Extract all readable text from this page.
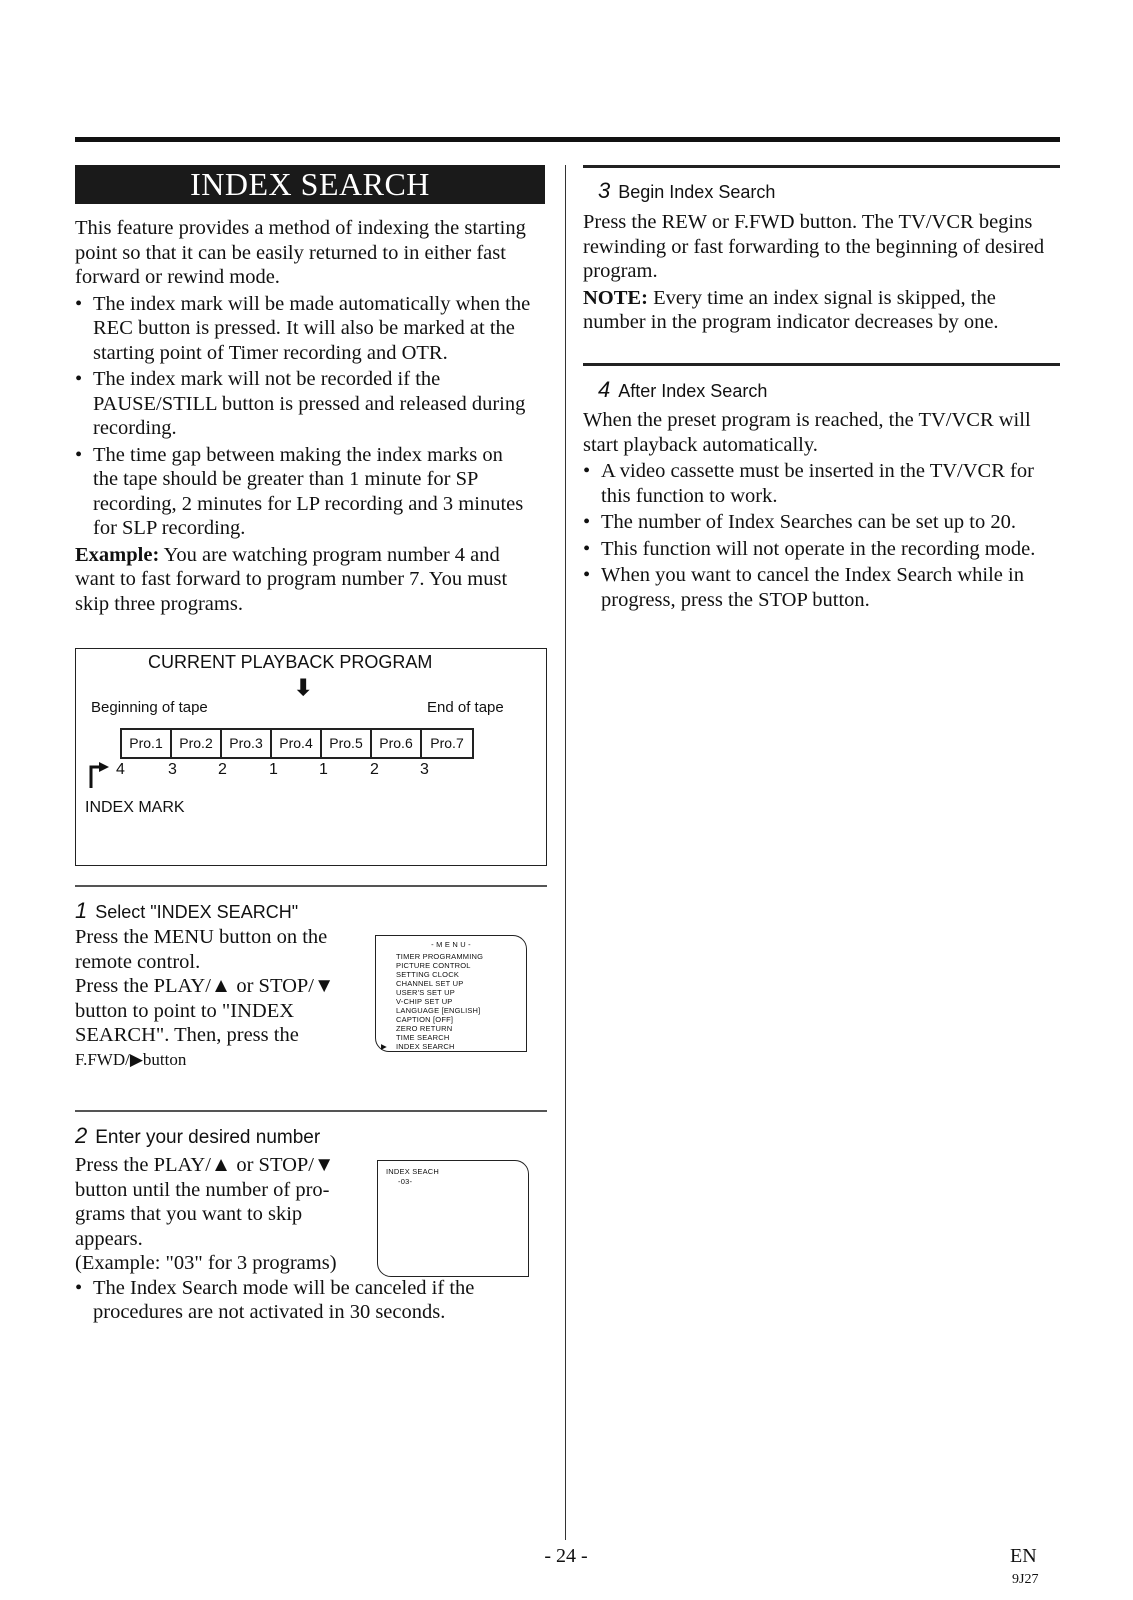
INDEX SEARCH

This feature provides a method of indexing the starting point so that it can be easily returned to in either fast forward or rewind mode.

• The index mark will be made automatically when the REC button is pressed. It will also be marked at the starting point of Timer recording and OTR.

• The index mark will not be recorded if the PAUSE/STILL button is pressed and released during recording.

• The time gap between making the index marks on the tape should be greater than 1 minute for SP recording, 2 minutes for LP recording and 3 minutes for SLP recording.

Example: You are watching program number 4 and want to fast forward to program number 7. You must skip three programs.

CURRENT PLAYBACK PROGRAM
⬇
Beginning of tape	End of tape
Pro.1	Pro.2	Pro.3	Pro.4	Pro.5	Pro.6	Pro.7
4	3	2	1	1	2	3
INDEX MARK
1 Select "INDEX SEARCH"

Press the MENU button on the

remote control.

Press the PLAY/▲ or STOP/▼

button to point to "INDEX

SEARCH". Then, press the

F.FWD/▶button

- M E N U -
TIMER PROGRAMMING
PICTURE CONTROL
SETTING CLOCK
CHANNEL SET UP
USER'S SET UP
V-CHIP SET UP
LANGUAGE [ENGLISH]
CAPTION [OFF]
ZERO RETURN
TIME SEARCH
INDEX SEARCH
▶
2 Enter your desired number

Press the PLAY/▲ or STOP/▼

button until the number of pro-

grams that you want to skip

appears.

(Example: "03" for 3 programs)

• The Index Search mode will be canceled if the procedures are not activated in 30 seconds.

INDEX SEACH
-03-
3 Begin Index Search

Press the REW or F.FWD button. The TV/VCR begins rewinding or fast forwarding to the beginning of desired program.

NOTE: Every time an index signal is skipped, the number in the program indicator decreases by one.

4 After Index Search

When the preset program is reached, the TV/VCR will start playback automatically.

• A video cassette must be inserted in the TV/VCR for this function to work.

• The number of Index Searches can be set up to 20.

• This function will not operate in the recording mode.

• When you want to cancel the Index Search while in progress, press the STOP button.

- 24 -	EN
9J27
